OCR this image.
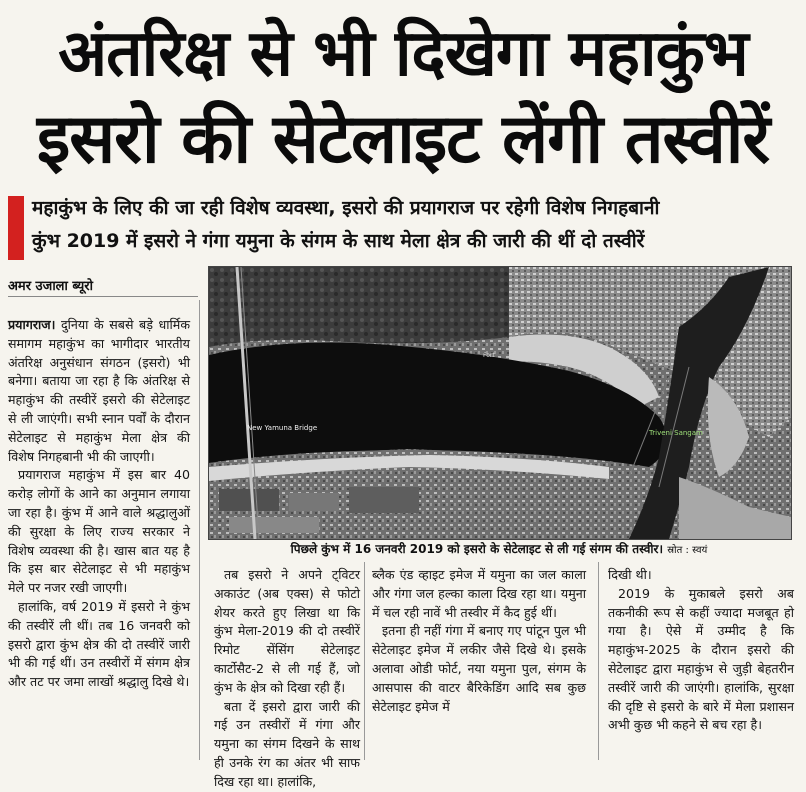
अंतरिक्ष से भी दिखेगा महाकुंभ
इसरो की सेटेलाइट लेंगी तस्वीरें
महाकुंभ के लिए की जा रही विशेष व्यवस्था, इसरो की प्रयागराज पर रहेगी विशेष निगहबानी
कुंभ 2019 में इसरो ने गंगा यमुना के संगम के साथ मेला क्षेत्र की जारी की थीं दो तस्वीरें
अमर उजाला ब्यूरो
New Yamuna Bridge
Triveni Sangam
Fort
पिछले कुंभ में 16 जनवरी 2019 को इसरो के सेटेलाइट से ली गई संगम की तस्वीर। स्रोत : स्वयं

प्रयागराज। दुनिया के सबसे बड़े धार्मिक समागम महाकुंभ का भागीदार भारतीय अंतरिक्ष अनुसंधान संगठन (इसरो) भी बनेगा। बताया जा रहा है कि अंतरिक्ष से महाकुंभ की तस्वीरें इसरो की सेटेलाइट से ली जाएंगी। सभी स्नान पर्वों के दौरान सेटेलाइट से महाकुंभ मेला क्षेत्र की विशेष निगहबानी भी की जाएगी।

प्रयागराज महाकुंभ में इस बार 40 करोड़ लोगों के आने का अनुमान लगाया जा रहा है। कुंभ में आने वाले श्रद्धालुओं की सुरक्षा के लिए राज्य सरकार ने विशेष व्यवस्था की है। खास बात यह है कि इस बार सेटेलाइट से भी महाकुंभ मेले पर नजर रखी जाएगी।

हालांकि, वर्ष 2019 में इसरो ने कुंभ की तस्वीरें ली थीं। तब 16 जनवरी को इसरो द्वारा कुंभ क्षेत्र की दो तस्वीरें जारी भी की गई थीं। उन तस्वीरों में संगम क्षेत्र और तट पर जमा लाखों श्रद्धालु दिखे थे।

तब इसरो ने अपने ट्विटर अकाउंट (अब एक्स) से फोटो शेयर करते हुए लिखा था कि कुंभ मेला-2019 की दो तस्वीरें रिमोट सेंसिंग सेटेलाइट कार्टोसैट-2 से ली गई हैं, जो कुंभ के क्षेत्र को दिखा रही हैं।

बता दें इसरो द्वारा जारी की गई उन तस्वीरों में गंगा और यमुना का संगम दिखने के साथ ही उनके रंग का अंतर भी साफ दिख रहा था। हालांकि,

ब्लैक एंड व्हाइट इमेज में यमुना का जल काला और गंगा जल हल्का काला दिख रहा था। यमुना में चल रही नावें भी तस्वीर में कैद हुई थीं।

इतना ही नहीं गंगा में बनाए गए पांटून पुल भी सेटेलाइट इमेज में लकीर जैसे दिखे थे। इसके अलावा ओडी फोर्ट, नया यमुना पुल, संगम के आसपास की वाटर बैरिकेडिंग आदि सब कुछ सेटेलाइट इमेज में

दिखी थी।

2019 के मुकाबले इसरो अब तकनीकी रूप से कहीं ज्यादा मजबूत हो गया है। ऐसे में उम्मीद है कि महाकुंभ-2025 के दौरान इसरो की सेटेलाइट द्वारा महाकुंभ से जुड़ी बेहतरीन तस्वीरें जारी की जाएंगी। हालांकि, सुरक्षा की दृष्टि से इसरो के बारे में मेला प्रशासन अभी कुछ भी कहने से बच रहा है।
